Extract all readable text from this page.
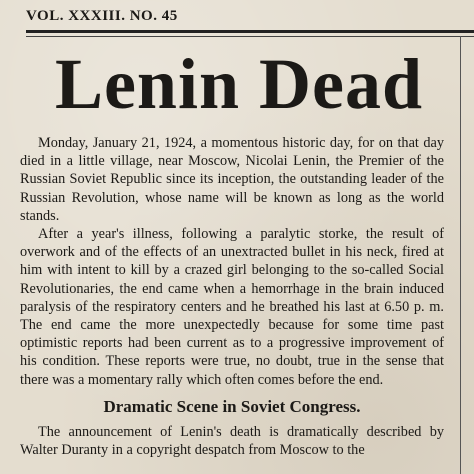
VOL. XXXIII. NO. 45
Lenin Dead

Monday, January 21, 1924, a momentous historic day, for on that day died in a little village, near Moscow, Nicolai Lenin, the Premier of the Russian Soviet Republic since its inception, the outstanding leader of the Russian Revolution, whose name will be known as long as the world stands.

After a year's illness, following a paralytic storke, the result of overwork and of the effects of an unextracted bullet in his neck, fired at him with intent to kill by a crazed girl belonging to the so-called Social Revolutionaries, the end came when a hemorrhage in the brain induced paralysis of the respiratory centers and he breathed his last at 6.50 p. m. The end came the more unexpectedly because for some time past optimistic reports had been current as to a progressive improvement of his condition. These reports were true, no doubt, true in the sense that there was a momentary rally which often comes before the end.

Dramatic Scene in Soviet Congress.

The announcement of Lenin's death is dramatically described by Walter Duranty in a copyright despatch from Moscow to the
